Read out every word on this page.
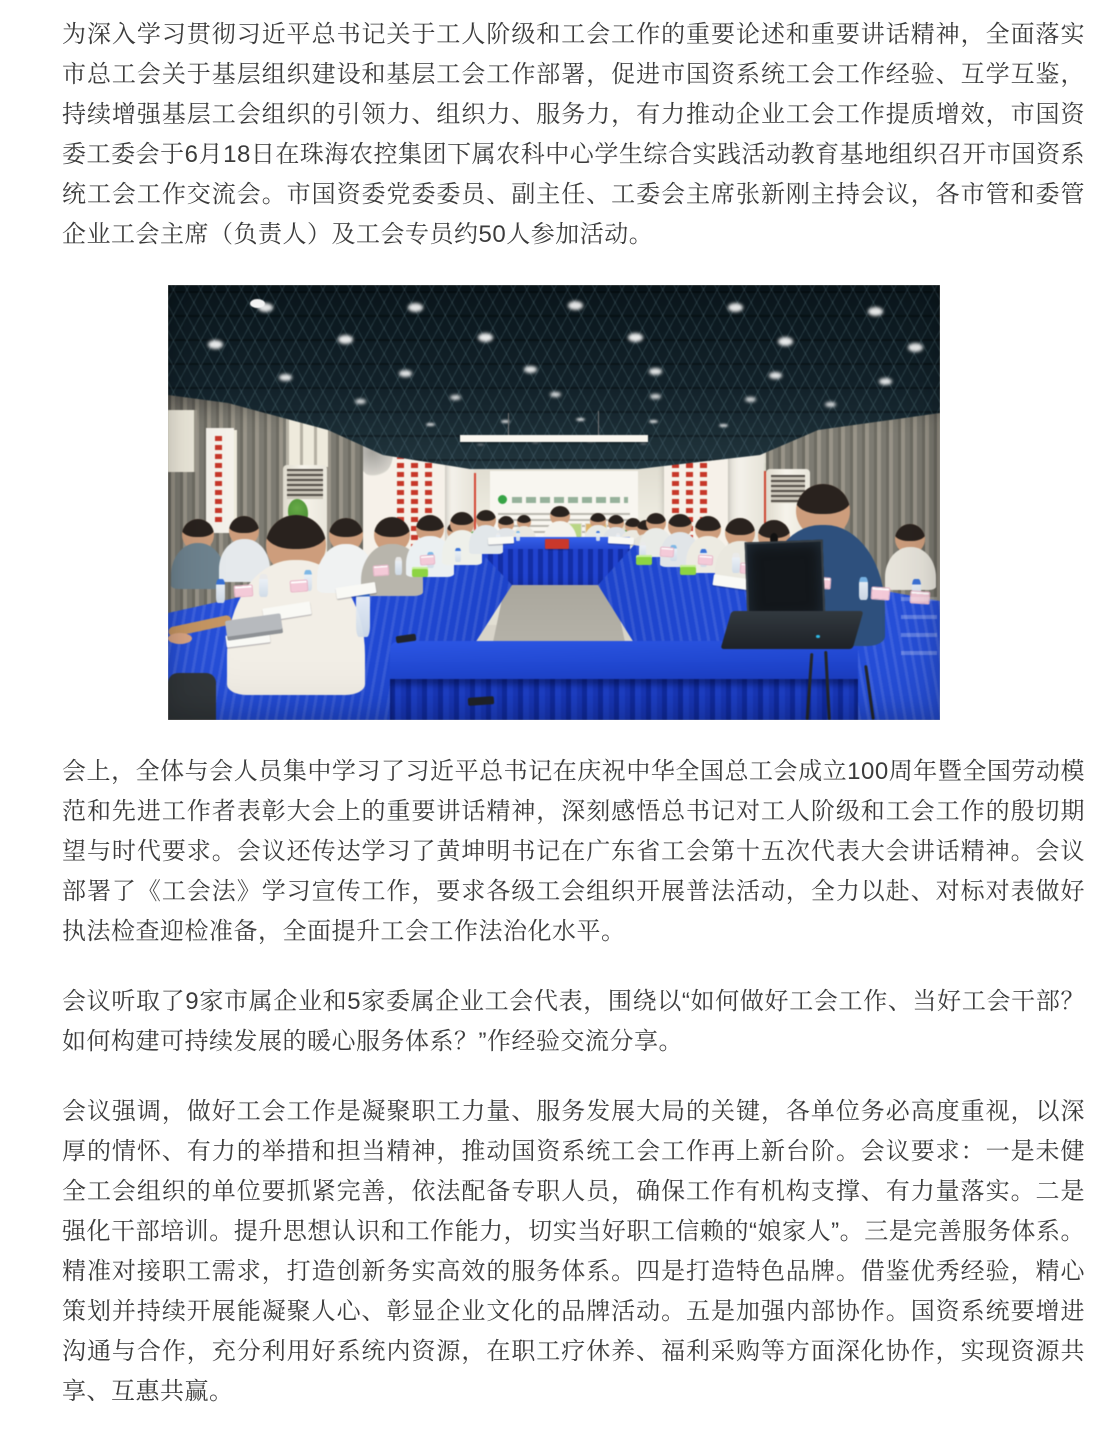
为深入学习贯彻习近平总书记关于工人阶级和工会工作的重要论述和重要讲话精神，全面落实市总工会关于基层组织建设和基层工会工作部署，促进市国资系统工会工作经验、互学互鉴，持续增强基层工会组织的引领力、组织力、服务力，有力推动企业工会工作提质增效，市国资委工委会于6月18日在珠海农控集团下属农科中心学生综合实践活动教育基地组织召开市国资系统工会工作交流会。市国资委党委委员、副主任、工委会主席张新刚主持会议，各市管和委管企业工会主席（负责人）及工会专员约50人参加活动。

会上，全体与会人员集中学习了习近平总书记在庆祝中华全国总工会成立100周年暨全国劳动模范和先进工作者表彰大会上的重要讲话精神，深刻感悟总书记对工人阶级和工会工作的殷切期望与时代要求。会议还传达学习了黄坤明书记在广东省工会第十五次代表大会讲话精神。会议部署了《工会法》学习宣传工作，要求各级工会组织开展普法活动，全力以赴、对标对表做好执法检查迎检准备，全面提升工会工作法治化水平。

会议听取了9家市属企业和5家委属企业工会代表，围绕以“如何做好工会工作、当好工会干部？如何构建可持续发展的暖心服务体系？”作经验交流分享。

会议强调，做好工会工作是凝聚职工力量、服务发展大局的关键，各单位务必高度重视，以深厚的情怀、有力的举措和担当精神，推动国资系统工会工作再上新台阶。会议要求：一是未健全工会组织的单位要抓紧完善，依法配备专职人员，确保工作有机构支撑、有力量落实。二是强化干部培训。提升思想认识和工作能力，切实当好职工信赖的“娘家人”。三是完善服务体系。精准对接职工需求，打造创新务实高效的服务体系。四是打造特色品牌。借鉴优秀经验，精心策划并持续开展能凝聚人心、彰显企业文化的品牌活动。五是加强内部协作。国资系统要增进沟通与合作，充分利用好系统内资源，在职工疗休养、福利采购等方面深化协作，实现资源共享、互惠共赢。
